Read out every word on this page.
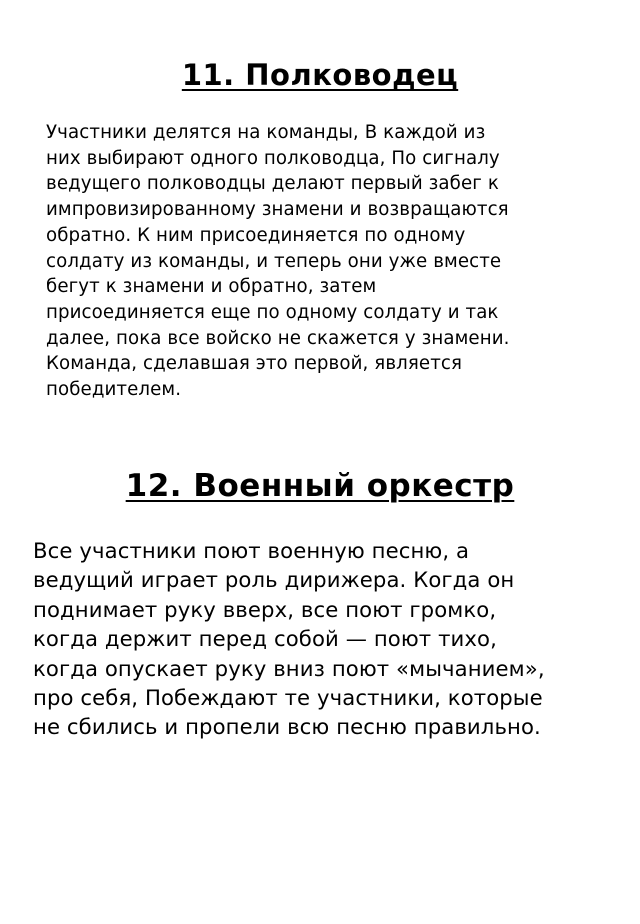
11. Полководец

Участники делятся на команды, В каждой из
них выбирают одного полководца, По сигналу
ведущего полководцы делают первый забег к
импровизированному знамени и возвращаются
обратно. К ним присоединяется по одному
солдату из команды, и теперь они уже вместе
бегут к знамени и обратно, затем
присоединяется еще по одному солдату и так
далее, пока все войско не скажется у знамени.
Команда, сделавшая это первой, является
победителем.

12. Военный оркестр

Все участники поют военную песню, а
ведущий играет роль дирижера. Когда он
поднимает руку вверх, все поют громко,
когда держит перед собой — поют тихо,
когда опускает руку вниз поют «мычанием»,
про себя, Побеждают те участники, которые
не сбились и пропели всю песню правильно.
